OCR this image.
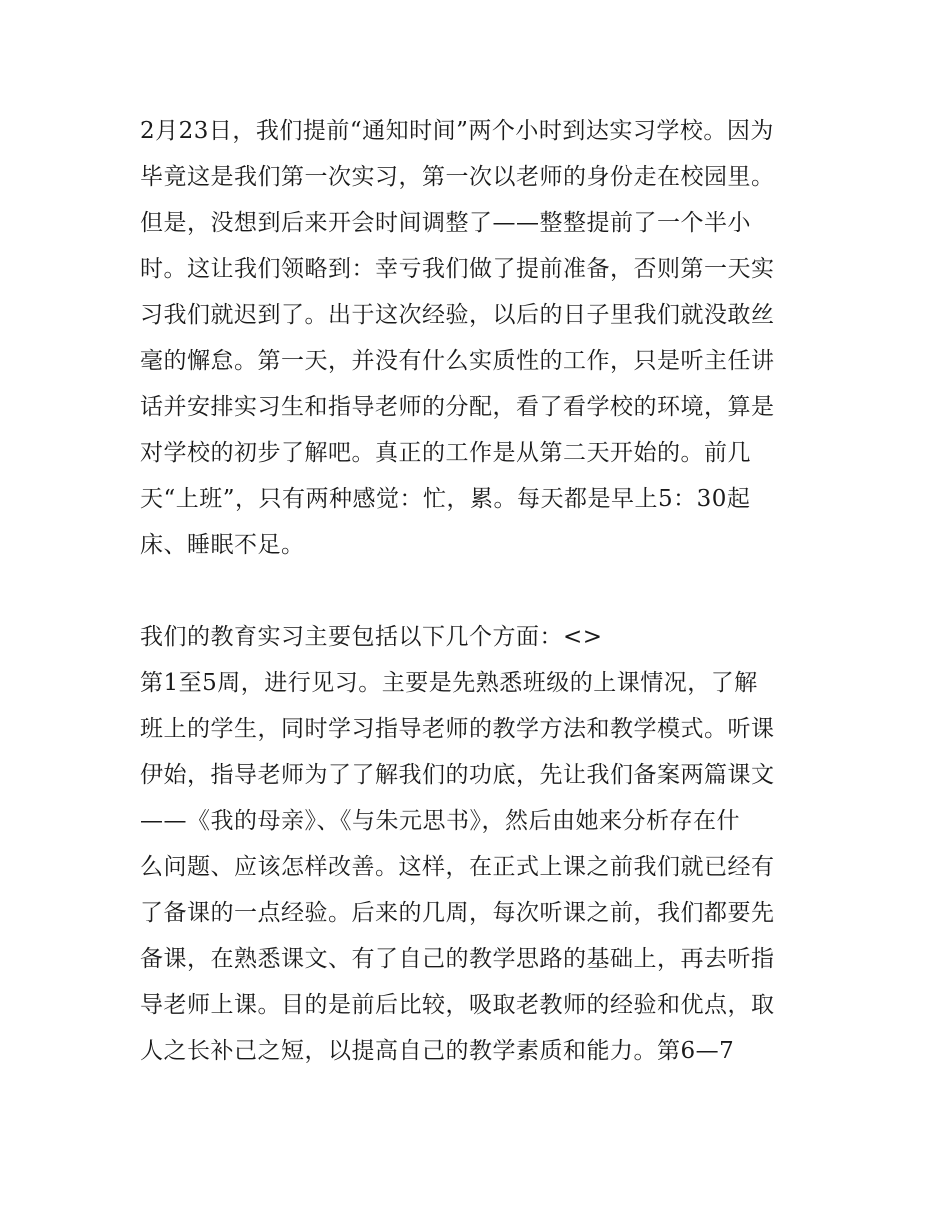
2月23日，我们提前“通知时间”两个小时到达实习学校。因为
毕竟这是我们第一次实习，第一次以老师的身份走在校园里。
但是，没想到后来开会时间调整了——整整提前了一个半小
时。这让我们领略到：幸亏我们做了提前准备，否则第一天实
习我们就迟到了。出于这次经验，以后的日子里我们就没敢丝
毫的懈怠。第一天，并没有什么实质性的工作，只是听主任讲
话并安排实习生和指导老师的分配，看了看学校的环境，算是
对学校的初步了解吧。真正的工作是从第二天开始的。前几
天“上班”，只有两种感觉：忙，累。每天都是早上5：30起
床、睡眠不足。
我们的教育实习主要包括以下几个方面：<>
第1至5周，进行见习。主要是先熟悉班级的上课情况，了解
班上的学生，同时学习指导老师的教学方法和教学模式。听课
伊始，指导老师为了了解我们的功底，先让我们备案两篇课文
——《我的母亲》、《与朱元思书》，然后由她来分析存在什
么问题、应该怎样改善。这样，在正式上课之前我们就已经有
了备课的一点经验。后来的几周，每次听课之前，我们都要先
备课，在熟悉课文、有了自己的教学思路的基础上，再去听指
导老师上课。目的是前后比较，吸取老教师的经验和优点，取
人之长补己之短，以提高自己的教学素质和能力。第6—7
